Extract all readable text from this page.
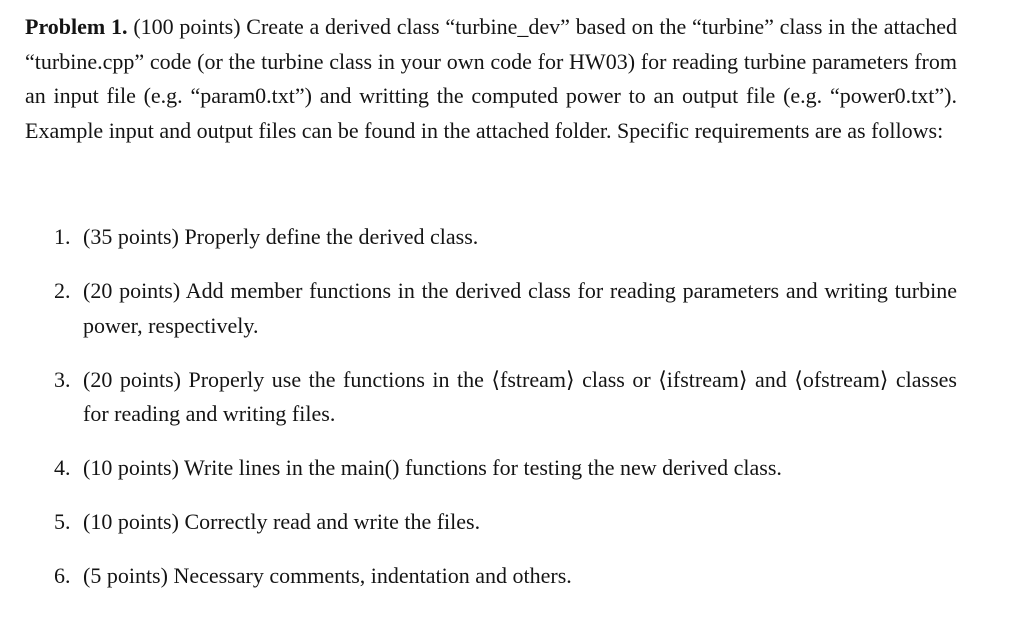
Problem 1. (100 points) Create a derived class “turbine_dev” based on the “turbine” class in the attached “turbine.cpp” code (or the turbine class in your own code for HW03) for reading turbine parameters from an input file (e.g. “param0.txt”) and writting the computed power to an output file (e.g. “power0.txt”). Example input and output files can be found in the attached folder. Specific requirements are as follows:

1. (35 points) Properly define the derived class.
2. (20 points) Add member functions in the derived class for reading parameters and writing turbine power, respectively.
3. (20 points) Properly use the functions in the ⟨fstream⟩ class or ⟨ifstream⟩ and ⟨ofstream⟩ classes for reading and writing files.
4. (10 points) Write lines in the main() functions for testing the new derived class.
5. (10 points) Correctly read and write the files.
6. (5 points) Necessary comments, indentation and others.
